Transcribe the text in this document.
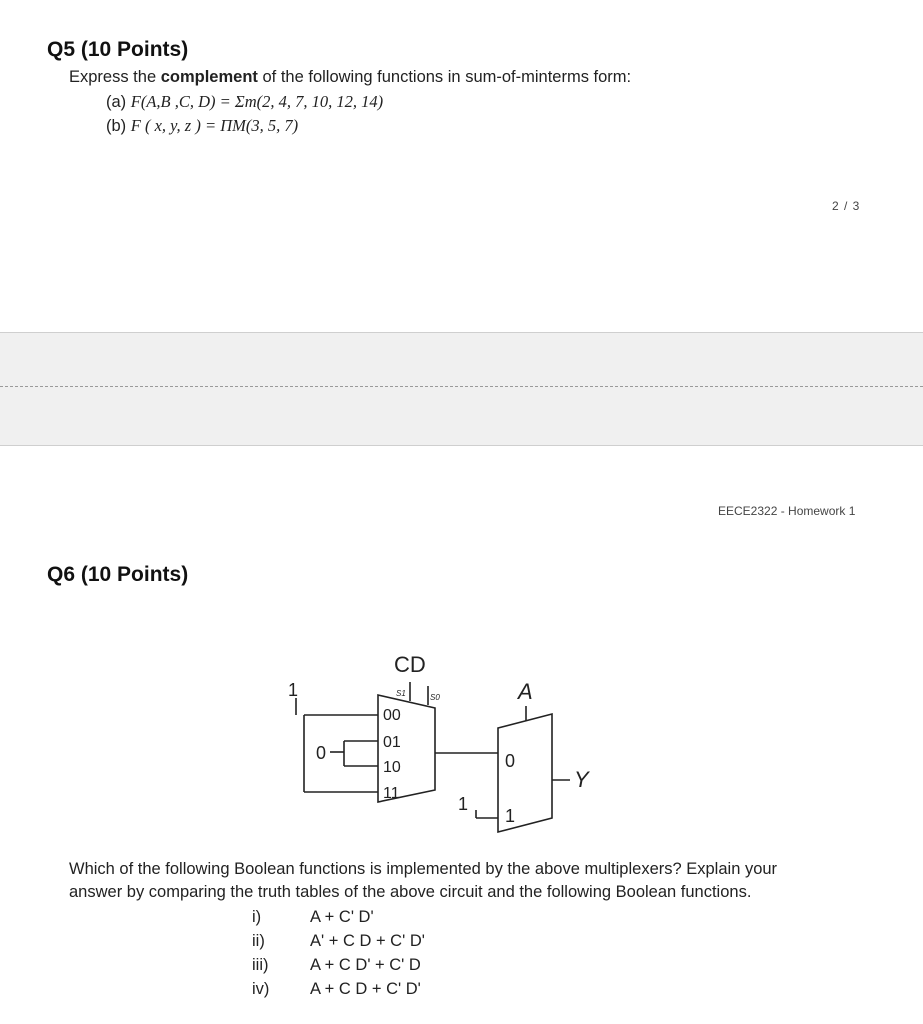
Q5 (10 Points)
Express the complement of the following functions in sum-of-minterms form:
(a) F(A,B ,C, D) = Σm(2, 4, 7, 10, 12, 14)
(b) F ( x, y, z ) = ΠM(3, 5, 7)
2 / 3
EECE2322 - Homework 1
Q6 (10 Points)
CD
S1	S0
1
0
00
01
10
11
A
0
1
1
Y
Which of the following Boolean functions is implemented by the above multiplexers? Explain your
answer by comparing the truth tables of the above circuit and the following Boolean functions.
i)	A + C' D'
ii)	A' + C D + C' D'
iii)	A + C D' + C' D
iv) A + C D + C' D'
